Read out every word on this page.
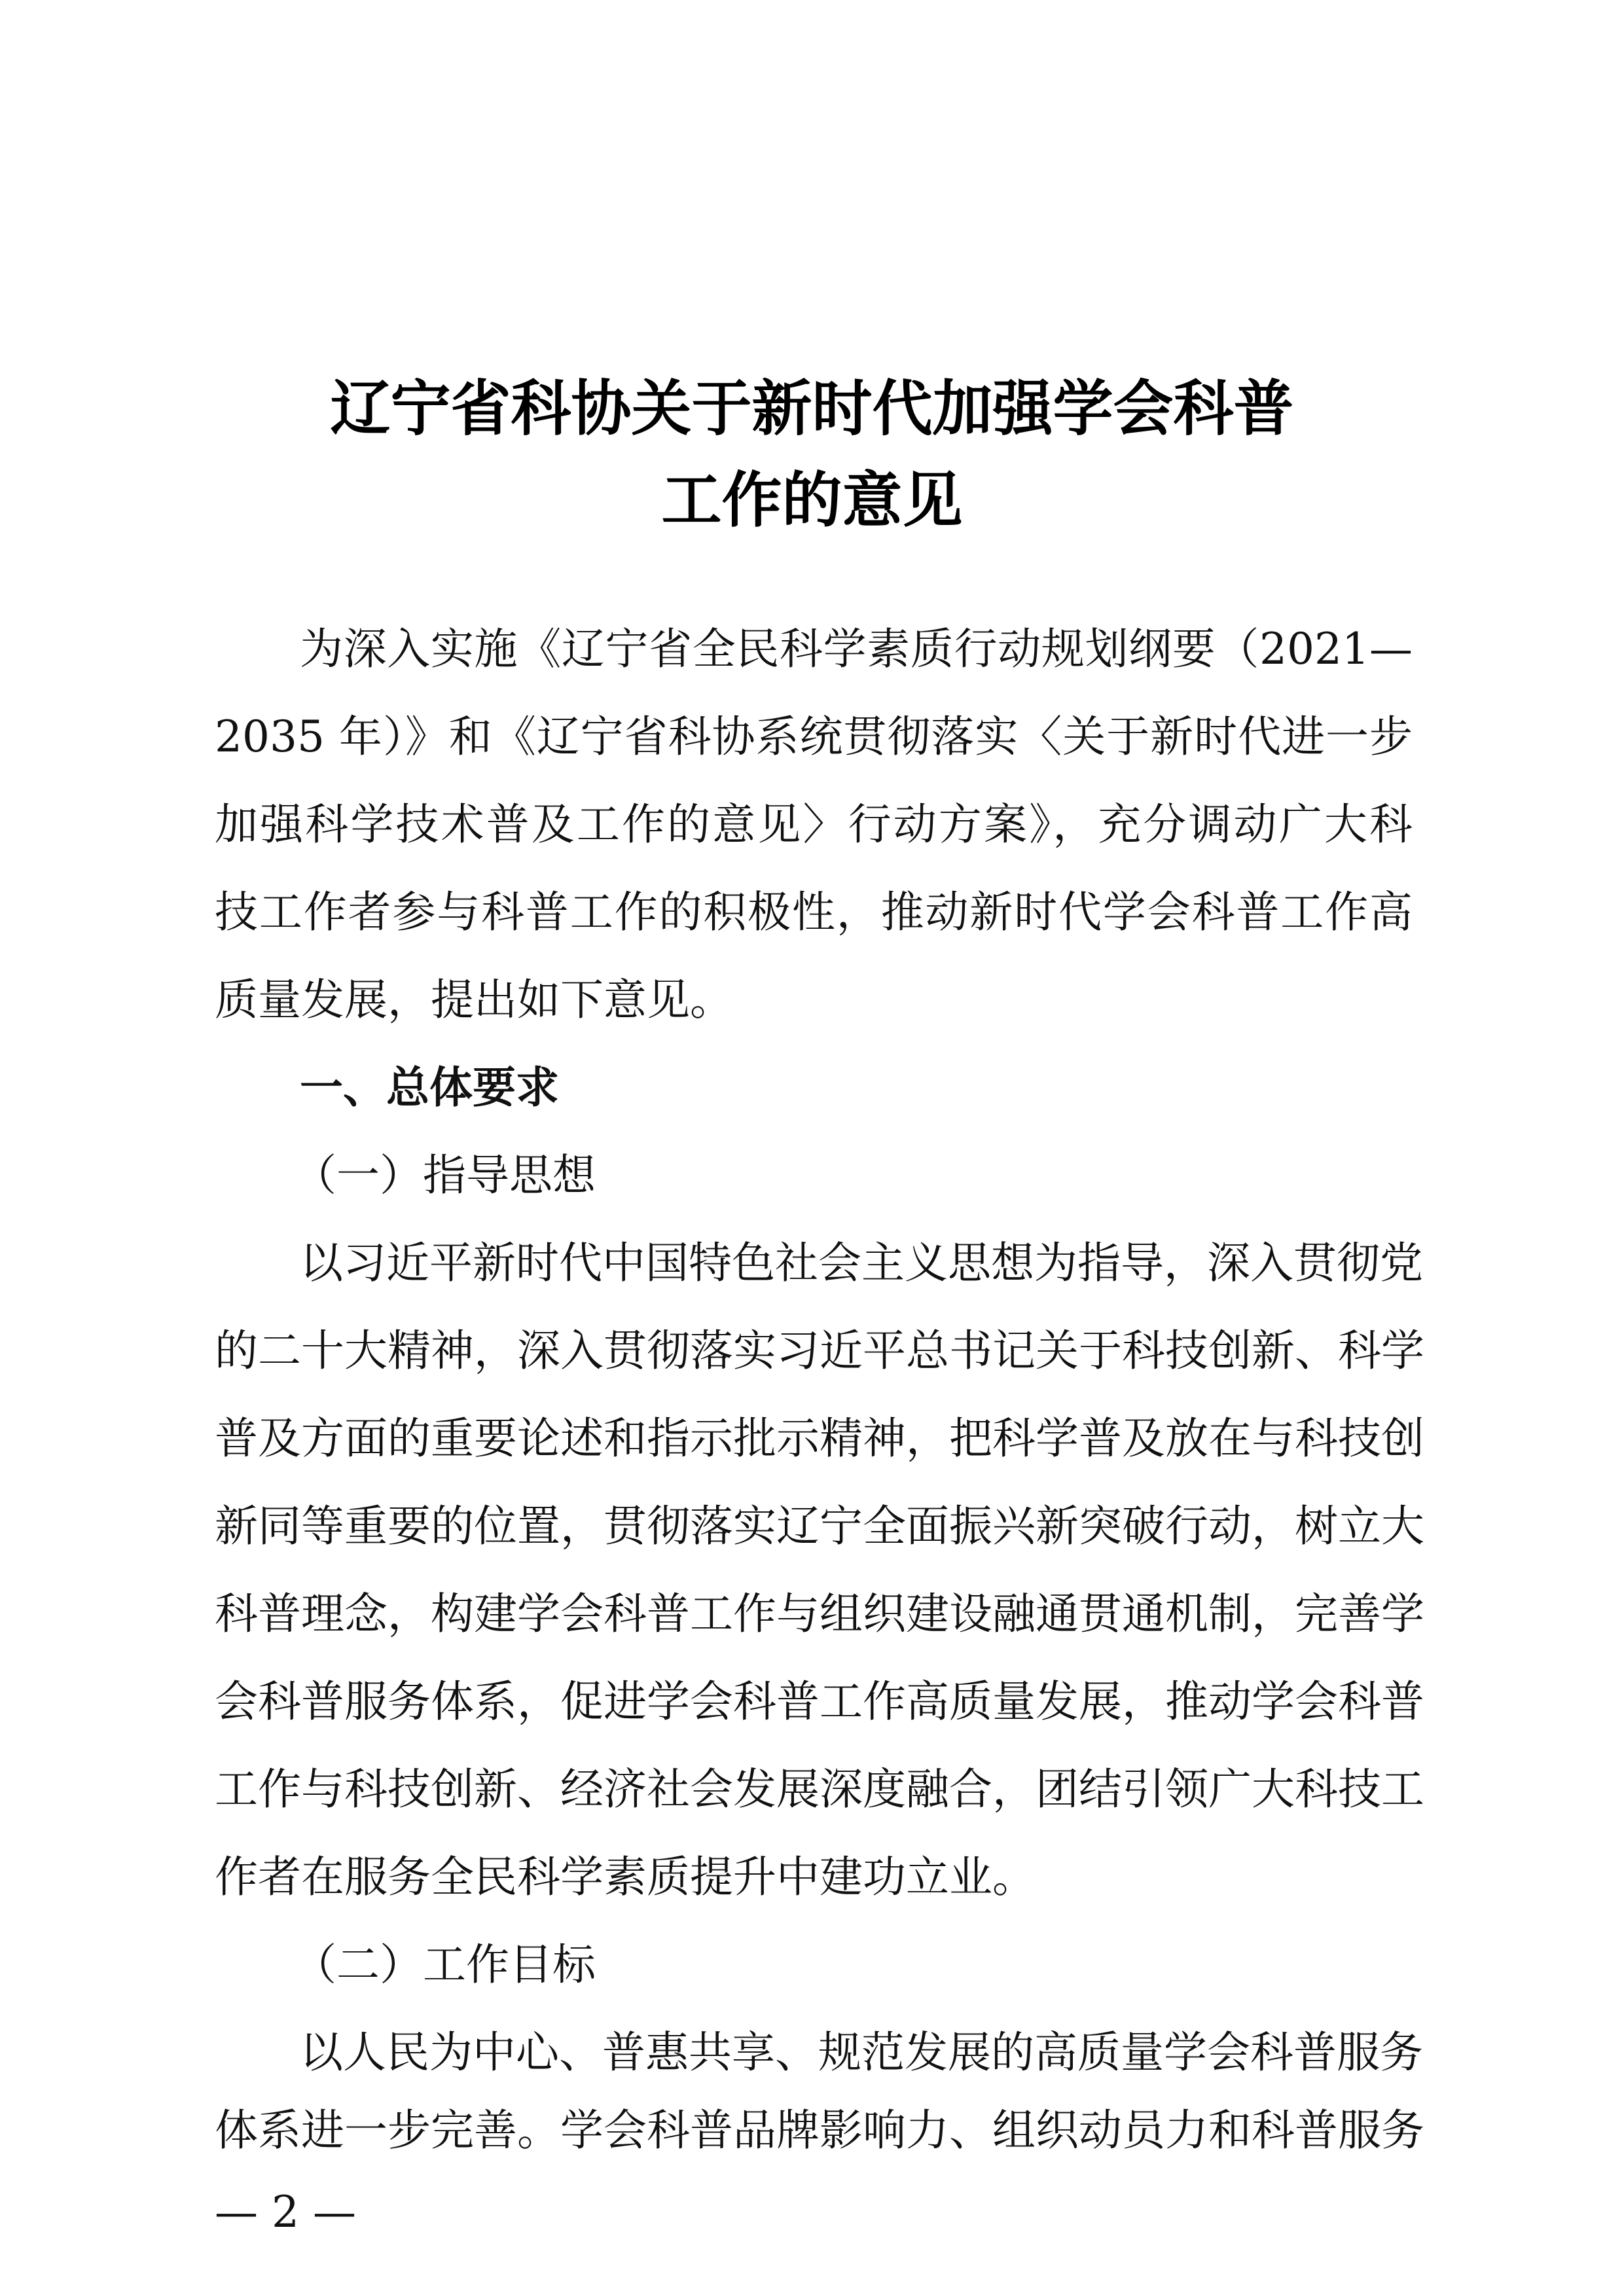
辽宁省科协关于新时代加强学会科普
工作的意见
为深入实施《辽宁省全民科学素质行动规划纲要（2021—
2035 年）》和《辽宁省科协系统贯彻落实〈关于新时代进一步
加强科学技术普及工作的意见〉行动方案》，充分调动广大科
技工作者参与科普工作的积极性，推动新时代学会科普工作高
质量发展，提出如下意见。
一、总体要求
（一）指导思想
以习近平新时代中国特色社会主义思想为指导，深入贯彻党
的二十大精神，深入贯彻落实习近平总书记关于科技创新、科学
普及方面的重要论述和指示批示精神，把科学普及放在与科技创
新同等重要的位置，贯彻落实辽宁全面振兴新突破行动，树立大
科普理念，构建学会科普工作与组织建设融通贯通机制，完善学
会科普服务体系，促进学会科普工作高质量发展，推动学会科普
工作与科技创新、经济社会发展深度融合，团结引领广大科技工
作者在服务全民科学素质提升中建功立业。
（二）工作目标
以人民为中心、普惠共享、规范发展的高质量学会科普服务
体系进一步完善。学会科普品牌影响力、组织动员力和科普服务
— 2 —
